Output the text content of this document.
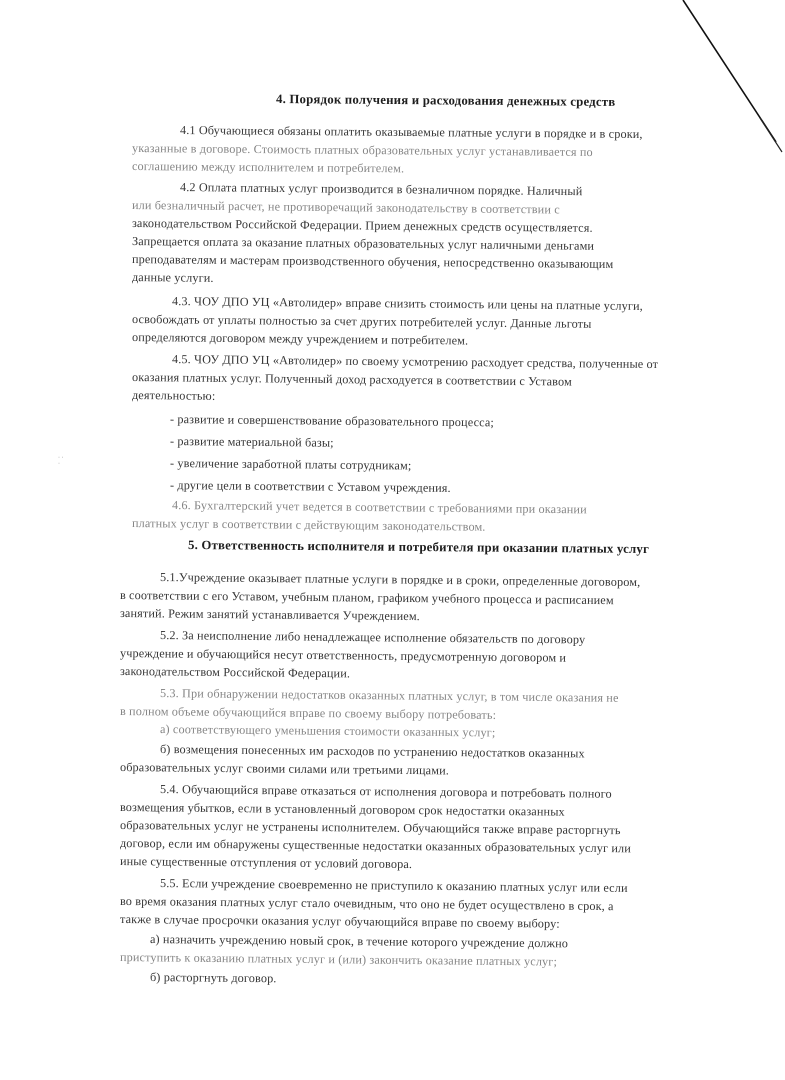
· ·
·
4. Порядок получения и расходования денежных средств
4.1 Обучающиеся обязаны оплатить оказываемые платные услуги в порядке и в сроки,
указанные в договоре. Стоимость платных образовательных услуг устанавливается по
соглашению между исполнителем и потребителем.
4.2 Оплата платных услуг производится в безналичном порядке. Наличный
или безналичный расчет, не противоречащий законодательству в соответствии с
законодательством Российской Федерации. Прием денежных средств осуществляется.
Запрещается оплата за оказание платных образовательных услуг наличными деньгами
преподавателям и мастерам производственного обучения, непосредственно оказывающим
данные услуги.
4.3. ЧОУ ДПО УЦ «Автолидер» вправе снизить стоимость или цены на платные услуги,
освобождать от уплаты полностью за счет других потребителей услуг. Данные льготы
определяются договором между учреждением и потребителем.
4.5. ЧОУ ДПО УЦ «Автолидер» по своему усмотрению расходует средства, полученные от
оказания платных услуг. Полученный доход расходуется в соответствии с Уставом
деятельностью:
- развитие и совершенствование образовательного процесса;
- развитие материальной базы;
- увеличение заработной платы сотрудникам;
- другие цели в соответствии с Уставом учреждения.
4.6. Бухгалтерский учет ведется в соответствии с требованиями при оказании
платных услуг в соответствии с действующим законодательством.
5. Ответственность исполнителя и потребителя при оказании платных услуг
5.1.Учреждение оказывает платные услуги в порядке и в сроки, определенные договором,
в соответствии с его Уставом, учебным планом, графиком учебного процесса и расписанием
занятий. Режим занятий устанавливается Учреждением.
5.2. За неисполнение либо ненадлежащее исполнение обязательств по договору
учреждение и обучающийся несут ответственность, предусмотренную договором и
законодательством Российской Федерации.
5.3. При обнаружении недостатков оказанных платных услуг, в том числе оказания не
в полном объеме обучающийся вправе по своему выбору потребовать:
а) соответствующего уменьшения стоимости оказанных услуг;
б) возмещения понесенных им расходов по устранению недостатков оказанных
образовательных услуг своими силами или третьими лицами.
5.4. Обучающийся вправе отказаться от исполнения договора и потребовать полного
возмещения убытков, если в установленный договором срок недостатки оказанных
образовательных услуг не устранены исполнителем. Обучающийся также вправе расторгнуть
договор, если им обнаружены существенные недостатки оказанных образовательных услуг или
иные существенные отступления от условий договора.
5.5. Если учреждение своевременно не приступило к оказанию платных услуг или если
во время оказания платных услуг стало очевидным, что оно не будет осуществлено в срок, а
также в случае просрочки оказания услуг обучающийся вправе по своему выбору:
а) назначить учреждению новый срок, в течение которого учреждение должно
приступить к оказанию платных услуг и (или) закончить оказание платных услуг;
б) расторгнуть договор.
